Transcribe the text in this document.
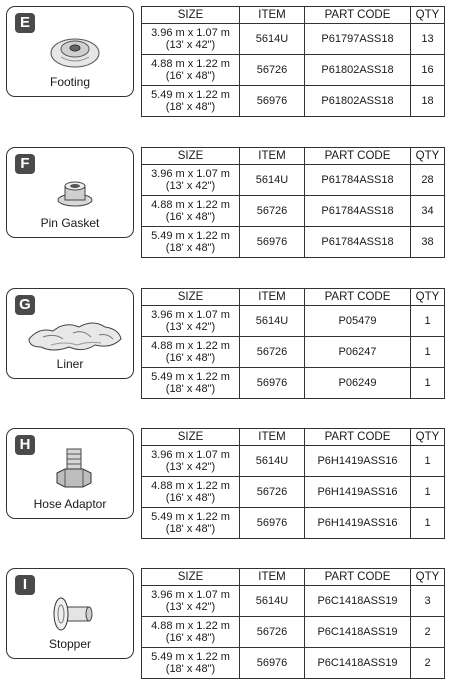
E
Footing
SIZE	ITEM	PART CODE	QTY
3.96 m x 1.07 m
(13' x 42")	5614U	P61797ASS18	13
4.88 m x 1.22 m
(16' x 48")	56726	P61802ASS18	16
5.49 m x 1.22 m
(18' x 48")	56976	P61802ASS18	18
F
Pin Gasket
SIZE	ITEM	PART CODE	QTY
3.96 m x 1.07 m
(13' x 42")	5614U	P61784ASS18	28
4.88 m x 1.22 m
(16' x 48")	56726	P61784ASS18	34
5.49 m x 1.22 m
(18' x 48")	56976	P61784ASS18	38
G
Liner
SIZE	ITEM	PART CODE	QTY
3.96 m x 1.07 m
(13' x 42")	5614U	P05479	1
4.88 m x 1.22 m
(16' x 48")	56726	P06247	1
5.49 m x 1.22 m
(18' x 48")	56976	P06249	1
H
Hose Adaptor
SIZE	ITEM	PART CODE	QTY
3.96 m x 1.07 m
(13' x 42")	5614U	P6H1419ASS16	1
4.88 m x 1.22 m
(16' x 48")	56726	P6H1419ASS16	1
5.49 m x 1.22 m
(18' x 48")	56976	P6H1419ASS16	1
I
Stopper
SIZE	ITEM	PART CODE	QTY
3.96 m x 1.07 m
(13' x 42")	5614U	P6C1418ASS19	3
4.88 m x 1.22 m
(16' x 48")	56726	P6C1418ASS19	2
5.49 m x 1.22 m
(18' x 48")	56976	P6C1418ASS19	2
